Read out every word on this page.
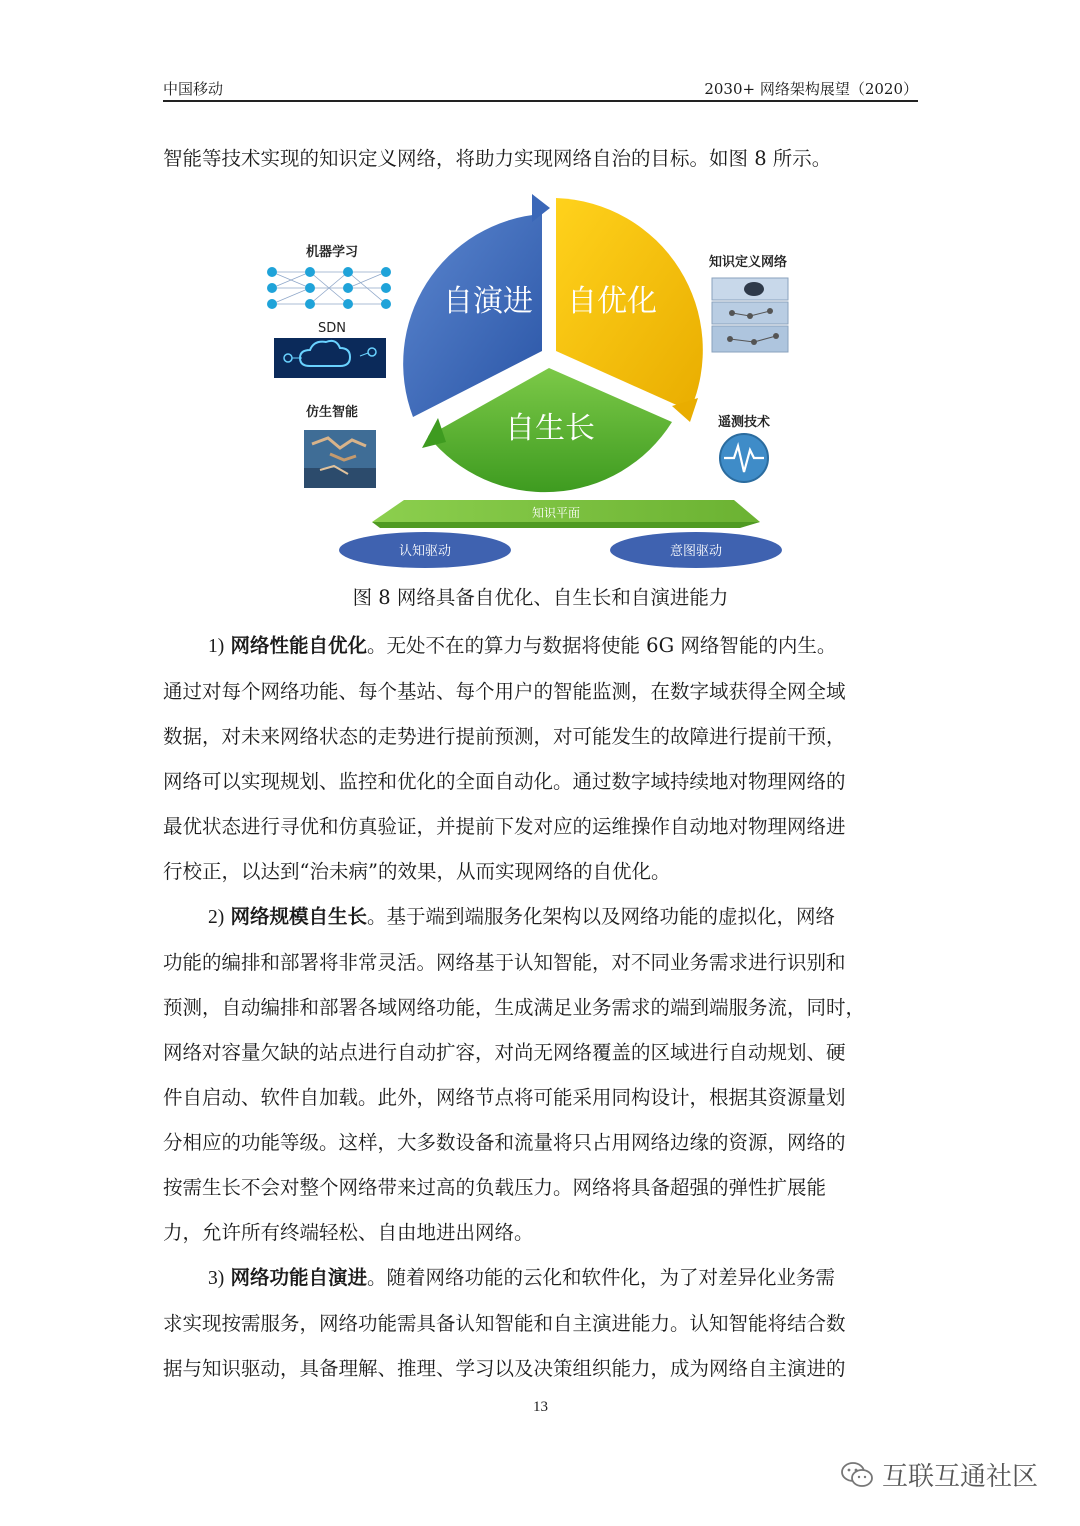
中国移动	2030+ 网络架构展望（2020）

智能等技术实现的知识定义网络，将助力实现网络自治的目标。如图 8 所示。

自演进 自优化
自生长
知识平面
认知驱动	意图驱动
机器学习
SDN
仿生智能
知识定义网络
遥测技术
图 8 网络具备自优化、自生长和自演进能力

1) 网络性能自优化。无处不在的算力与数据将使能 6G 网络智能的内生。

通过对每个网络功能、每个基站、每个用户的智能监测，在数字域获得全网全域

数据，对未来网络状态的走势进行提前预测，对可能发生的故障进行提前干预，

网络可以实现规划、监控和优化的全面自动化。通过数字域持续地对物理网络的

最优状态进行寻优和仿真验证，并提前下发对应的运维操作自动地对物理网络进

行校正，以达到“治未病”的效果，从而实现网络的自优化。

2) 网络规模自生长。基于端到端服务化架构以及网络功能的虚拟化，网络

功能的编排和部署将非常灵活。网络基于认知智能，对不同业务需求进行识别和

预测，自动编排和部署各域网络功能，生成满足业务需求的端到端服务流，同时，

网络对容量欠缺的站点进行自动扩容，对尚无网络覆盖的区域进行自动规划、硬

件自启动、软件自加载。此外，网络节点将可能采用同构设计，根据其资源量划

分相应的功能等级。这样，大多数设备和流量将只占用网络边缘的资源，网络的

按需生长不会对整个网络带来过高的负载压力。网络将具备超强的弹性扩展能

力，允许所有终端轻松、自由地进出网络。

3) 网络功能自演进。随着网络功能的云化和软件化，为了对差异化业务需

求实现按需服务，网络功能需具备认知智能和自主演进能力。认知智能将结合数

据与知识驱动，具备理解、推理、学习以及决策组织能力，成为网络自主演进的

13
互联互通社区
